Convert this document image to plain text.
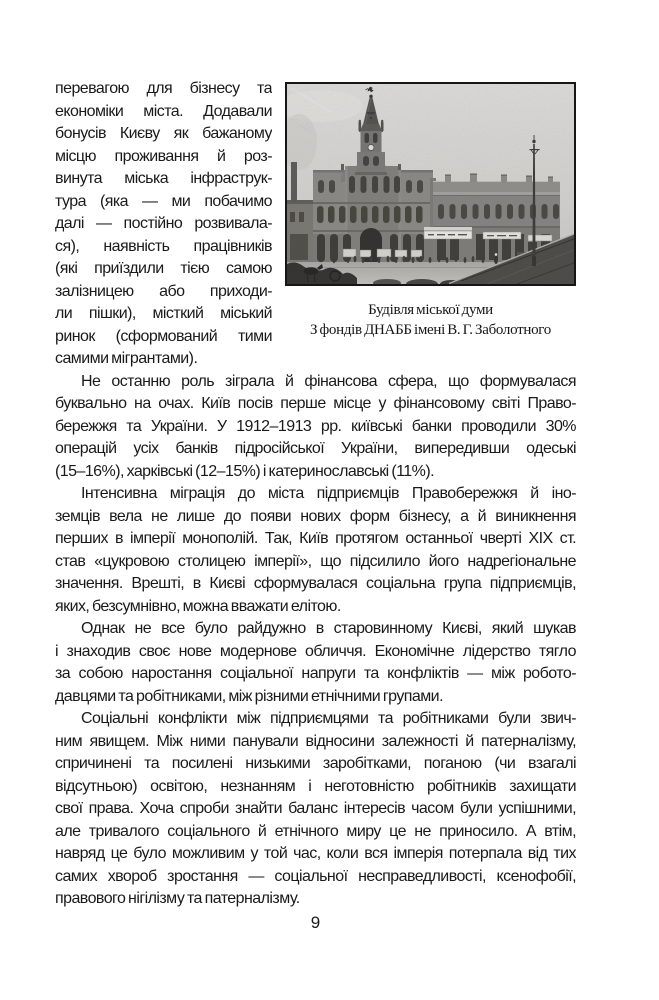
Будівля міської думи
З фондів ДНАББ імені В. Г. Заболотного
перевагою для бізнесу та
економіки міста. Додавали
бонусів Києву як бажаному
місцю проживання й роз-
винута міська інфраструк-
тура (яка — ми побачимо
далі — постійно розвивала-
ся), наявність працівників
(які приїздили тією самою
залізницею або приходи-
ли пішки), місткий міський
ринок (сформований тими
самими мігрантами).
Не останню роль зіграла й фінансова сфера, що формувалася
буквально на очах. Київ посів перше місце у фінансовому світі Право-
бережжя та України. У 1912–1913 рр. київські банки проводили 30%
операцій усіх банків підросійської України, випередивши одеські
(15–16%), харківські (12–15%) і катеринославські (11%).
Інтенсивна міграція до міста підприємців Правобережжя й іно-
земців вела не лише до появи нових форм бізнесу, а й виникнення
перших в імперії монополій. Так, Київ протягом останньої чверті XIX ст.
став «цукровою столицею імперії», що підсилило його надрегіональне
значення. Врешті, в Києві сформувалася соціальна група підприємців,
яких, безсумнівно, можна вважати елітою.
Однак не все було райдужно в старовинному Києві, який шукав
і знаходив своє нове модернове обличчя. Економічне лідерство тягло
за собою наростання соціальної напруги та конфліктів — між робото-
давцями та робітниками, між різними етнічними групами.
Соціальні конфлікти між підприємцями та робітниками були звич-
ним явищем. Між ними панували відносини залежності й патерналізму,
спричинені та посилені низькими заробітками, поганою (чи взагалі
відсутньою) освітою, незнанням і неготовністю робітників захищати
свої права. Хоча спроби знайти баланс інтересів часом були успішними,
але тривалого соціального й етнічного миру це не приносило. А втім,
навряд це було можливим у той час, коли вся імперія потерпала від тих
самих хвороб зростання — соціальної несправедливості, ксенофобії,
правового нігілізму та патерналізму.
9
